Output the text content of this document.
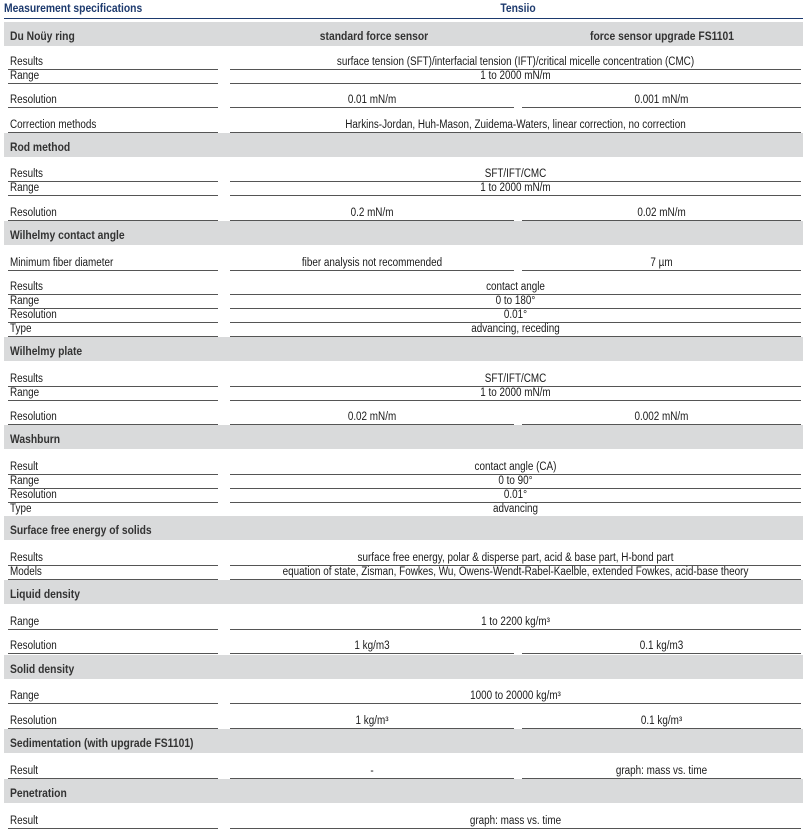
Measurement specifications	Tensiio
Du Noüy ring	standard force sensor	force sensor upgrade FS1101
Results	surface tension (SFT)/interfacial tension (IFT)/critical micelle concentration (CMC)
Range	1 to 2000 mN/m
Resolution	0.01 mN/m	0.001 mN/m
Correction methods	Harkins-Jordan, Huh-Mason, Zuidema-Waters, linear correction, no correction
Rod method
Results	SFT/IFT/CMC
Range	1 to 2000 mN/m
Resolution	0.2 mN/m	0.02 mN/m
Wilhelmy contact angle
Minimum fiber diameter	fiber analysis not recommended	7 µm
Results	contact angle
Range	0 to 180°
Resolution	0.01°
Type	advancing, receding
Wilhelmy plate
Results	SFT/IFT/CMC
Range	1 to 2000 mN/m
Resolution	0.02 mN/m	0.002 mN/m
Washburn
Result	contact angle (CA)
Range	0 to 90°
Resolution	0.01°
Type	advancing
Surface free energy of solids
Results	surface free energy, polar & disperse part, acid & base part, H-bond part
Models	equation of state, Zisman, Fowkes, Wu, Owens-Wendt-Rabel-Kaelble, extended Fowkes, acid-base theory
Liquid density
Range	1 to 2200 kg/m³
Resolution	1 kg/m3	0.1 kg/m3
Solid density
Range	1000 to 20000 kg/m³
Resolution	1 kg/m³	0.1 kg/m³
Sedimentation (with upgrade FS1101)
Result	-	graph: mass vs. time
Penetration
Result	graph: mass vs. time
